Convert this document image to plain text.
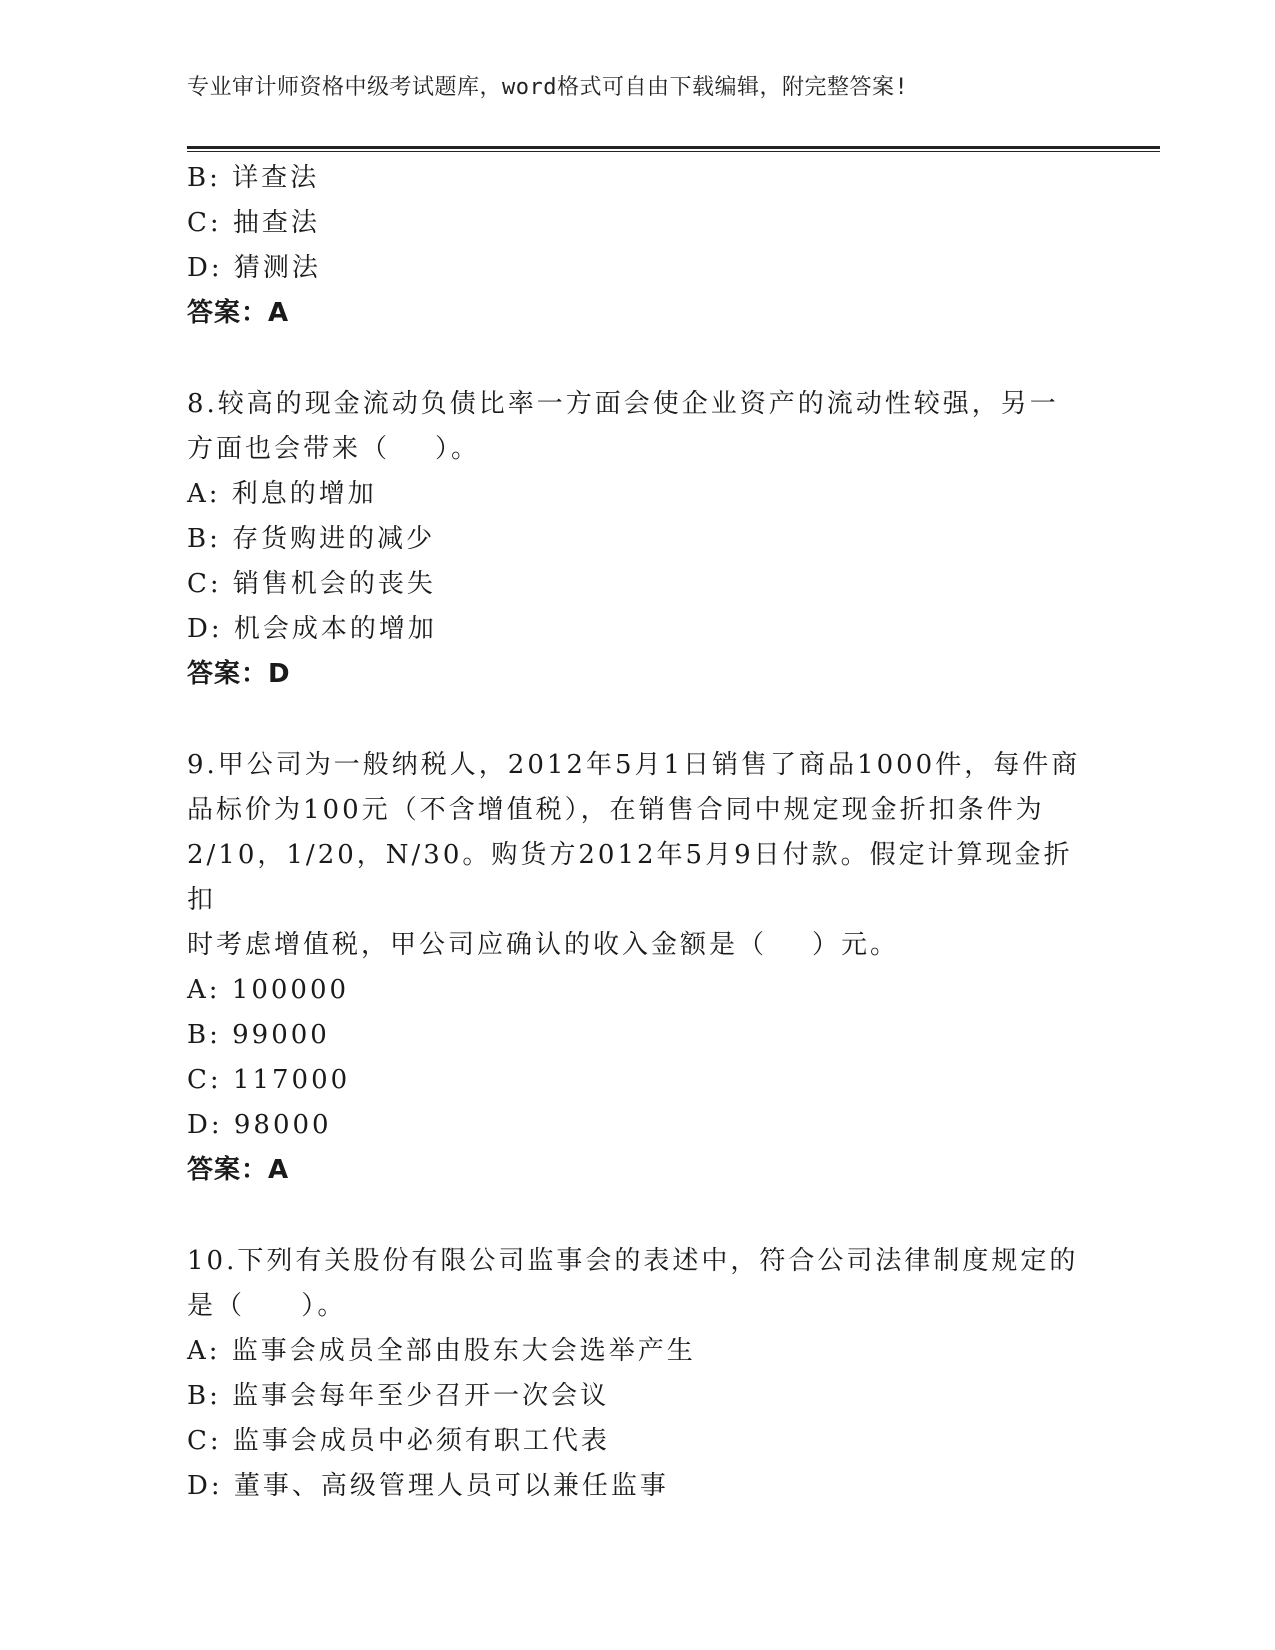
专业审计师资格中级考试题库，word格式可自由下载编辑，附完整答案!
B: 详查法
C: 抽查法
D: 猜测法
答案：A
8.较高的现金流动负债比率一方面会使企业资产的流动性较强，另一
方面也会带来（    ）。
A: 利息的增加
B: 存货购进的减少
C: 销售机会的丧失
D: 机会成本的增加
答案：D
9.甲公司为一般纳税人，2012年5月1日销售了商品1000件，每件商
品标价为100元（不含增值税），在销售合同中规定现金折扣条件为
2/10，1/20，N/30。购货方2012年5月9日付款。假定计算现金折扣
时考虑增值税，甲公司应确认的收入金额是（    ）元。
A: 100000
B: 99000
C: 117000
D: 98000
答案：A
10.下列有关股份有限公司监事会的表述中，符合公司法律制度规定的
是（     ）。
A: 监事会成员全部由股东大会选举产生
B: 监事会每年至少召开一次会议
C: 监事会成员中必须有职工代表
D: 董事、高级管理人员可以兼任监事
